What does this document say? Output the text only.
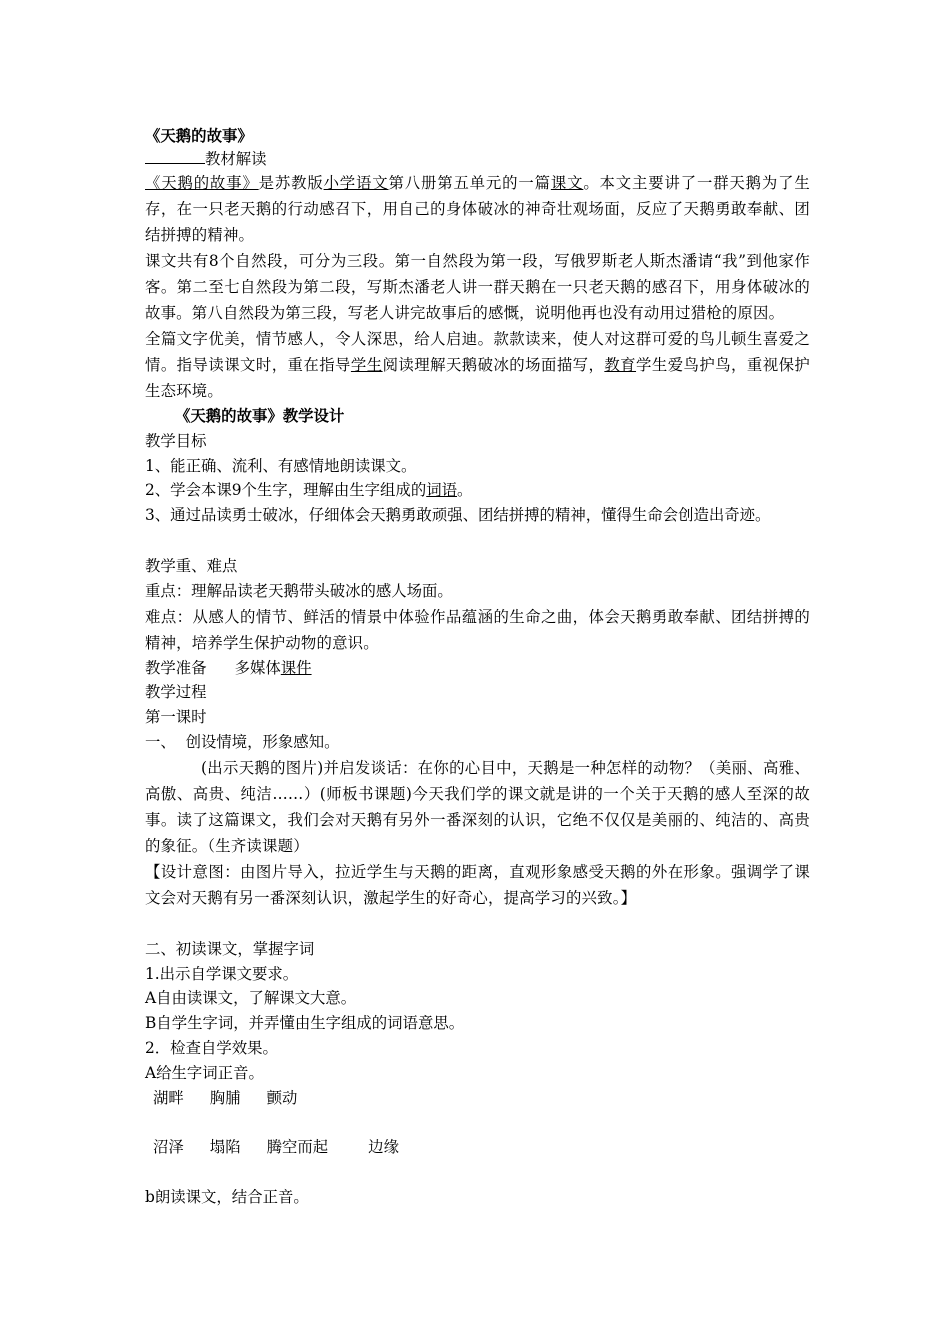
《天鹅的故事》
教材解读

《天鹅的故事》是苏教版小学语文第八册第五单元的一篇课文。本文主要讲了一群天鹅为了生存，在一只老天鹅的行动感召下，用自己的身体破冰的神奇壮观场面，反应了天鹅勇敢奉献、团结拼搏的精神。

课文共有8个自然段，可分为三段。第一自然段为第一段，写俄罗斯老人斯杰潘请“我”到他家作客。第二至七自然段为第二段，写斯杰潘老人讲一群天鹅在一只老天鹅的感召下，用身体破冰的故事。第八自然段为第三段，写老人讲完故事后的感慨，说明他再也没有动用过猎枪的原因。

全篇文字优美，情节感人，令人深思，给人启迪。款款读来，使人对这群可爱的鸟儿顿生喜爱之情。指导读课文时，重在指导学生阅读理解天鹅破冰的场面描写，教育学生爱鸟护鸟，重视保护生态环境。

《天鹅的故事》教学设计
教学目标
1、能正确、流利、有感情地朗读课文。
2、学会本课9个生字，理解由生字组成的词语。
3、通过品读勇士破冰，仔细体会天鹅勇敢顽强、团结拼搏的精神，懂得生命会创造出奇迹。
教学重、难点
重点：理解品读老天鹅带头破冰的感人场面。

难点：从感人的情节、鲜活的情景中体验作品蕴涵的生命之曲，体会天鹅勇敢奉献、团结拼搏的精神，培养学生保护动物的意识。

教学准备 多媒体课件
教学过程
第一课时
一、  创设情境，形象感知。

(出示天鹅的图片)并启发谈话：在你的心目中，天鹅是一种怎样的动物？（美丽、高雅、高傲、高贵、纯洁……）(师板书课题)今天我们学的课文就是讲的一个关于天鹅的感人至深的故事。读了这篇课文，我们会对天鹅有另外一番深刻的认识，它绝不仅仅是美丽的、纯洁的、高贵的象征。（生齐读课题）

【设计意图：由图片导入，拉近学生与天鹅的距离，直观形象感受天鹅的外在形象。强调学了课文会对天鹅有另一番深刻认识，激起学生的好奇心，提高学习的兴致。】

二、初读课文，掌握字词
1.出示自学课文要求。
A自由读课文，了解课文大意。
B自学生字词，并弄懂由生字组成的词语意思。
2．检查自学效果。
A给生字词正音。
湖畔 胸脯 颤动
沼泽 塌陷 腾空而起	边缘
b朗读课文，结合正音。
